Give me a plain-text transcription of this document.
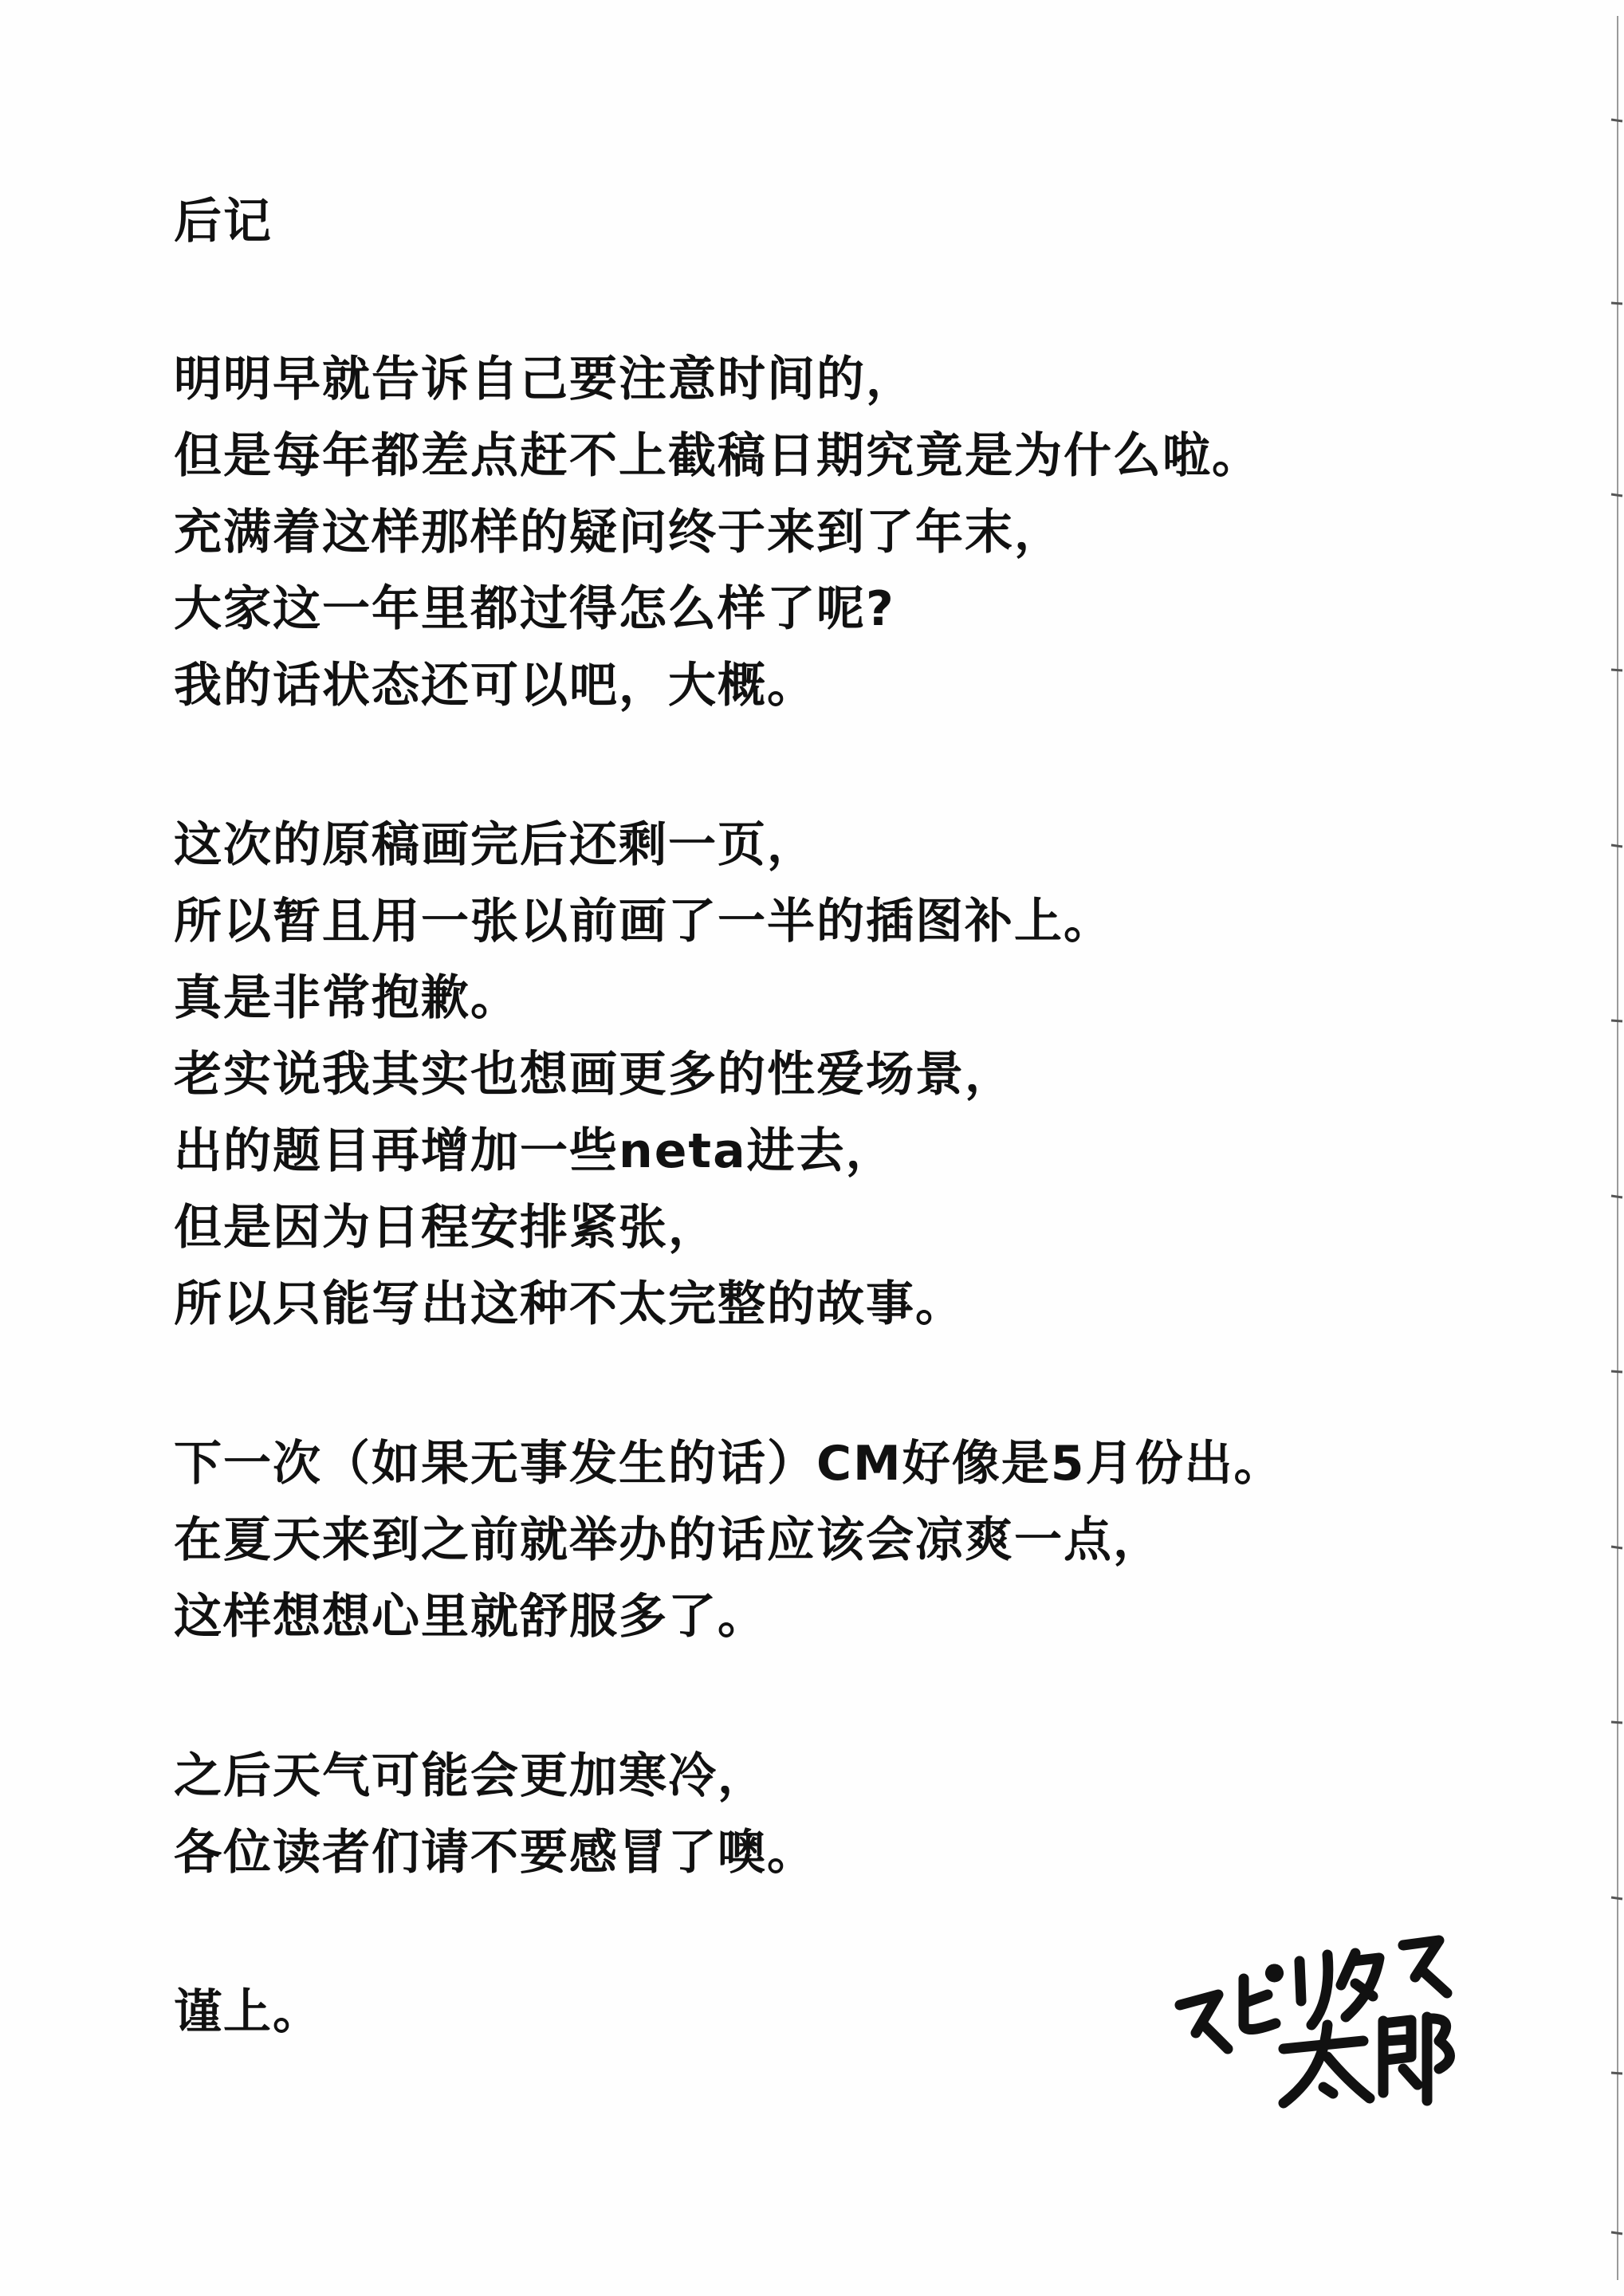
后记
明明早就告诉自己要注意时间的，
但是每年都差点赶不上截稿日期究竟是为什么啦。
充满着这样那样的疑问终于来到了年末，
大家这一年里都过得怎么样了呢?
我的话状态还可以吧，大概。
这次的原稿画完后还剩一页，
所以暂且用一张以前画了一半的插图补上。
真是非常抱歉。
老实说我其实也想画更多的性爱场景，
出的题目再增加一些neta进去，
但是因为日程安排紧张，
所以只能写出这种不太完整的故事。
下一次（如果无事发生的话）CM好像是5月份出。
在夏天来到之前就举办的话应该会凉爽一点，
这样想想心里就舒服多了。
之后天气可能会更加寒冷，
各位读者们请不要感冒了噢。
谨上。
